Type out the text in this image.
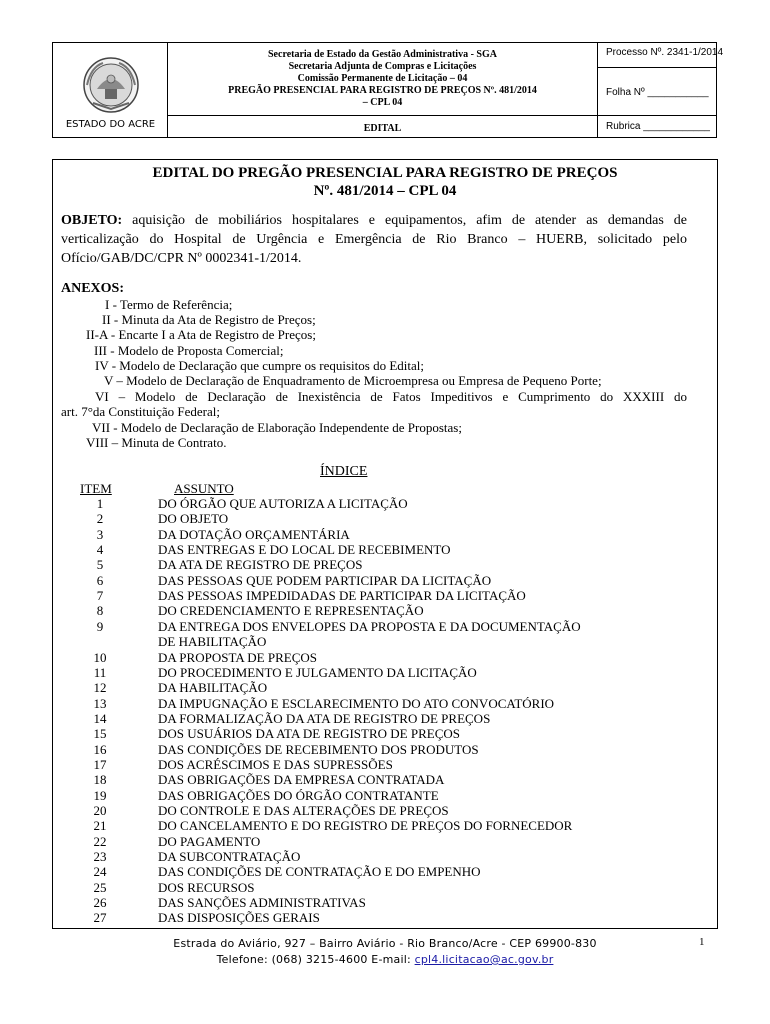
ESTADO DO ACRE
Secretaria de Estado da Gestão Administrativa - SGA
Secretaria Adjunta de Compras e Licitações
Comissão Permanente de Licitação – 04
PREGÃO PRESENCIAL PARA REGISTRO DE PREÇOS Nº. 481/2014
– CPL 04
EDITAL
Processo Nº. 2341-1/2014
Folha Nº ___________
Rubrica ____________
EDITAL DO PREGÃO PRESENCIAL PARA REGISTRO DE PREÇOS
Nº. 481/2014 – CPL 04
OBJETO: aquisição de mobiliários hospitalares e equipamentos, afim de atender as demandas de
verticalização do Hospital de Urgência e Emergência de Rio Branco – HUERB, solicitado pelo
Ofício/GAB/DC/CPR Nº 0002341-1/2014.
ANEXOS:
I - Termo de Referência;
II - Minuta da Ata de Registro de Preços;
II-A - Encarte I a Ata de Registro de Preços;
III - Modelo de Proposta Comercial;
IV - Modelo de Declaração que cumpre os requisitos do Edital;
V – Modelo de Declaração de Enquadramento de Microempresa ou Empresa de Pequeno Porte;
VI – Modelo de Declaração de Inexistência de Fatos Impeditivos e Cumprimento do XXXIII do
art. 7°da Constituição Federal;
VII - Modelo de Declaração de Elaboração Independente de Propostas;
VIII – Minuta de Contrato.
ÍNDICE
ITEM	ASSUNTO
1	DO ÓRGÃO QUE AUTORIZA A LICITAÇÃO
2	DO OBJETO
3	DA DOTAÇÃO ORÇAMENTÁRIA
4	DAS ENTREGAS E DO LOCAL DE RECEBIMENTO
5	DA ATA DE REGISTRO DE PREÇOS
6	DAS PESSOAS QUE PODEM PARTICIPAR DA LICITAÇÃO
7	DAS PESSOAS IMPEDIDADAS DE PARTICIPAR DA LICITAÇÃO
8	DO CREDENCIAMENTO E REPRESENTAÇÃO
9	DA ENTREGA DOS ENVELOPES DA PROPOSTA E DA DOCUMENTAÇÃO
DE HABILITAÇÃO
10	DA PROPOSTA DE PREÇOS
11	DO PROCEDIMENTO E JULGAMENTO DA LICITAÇÃO
12	DA HABILITAÇÃO
13	DA IMPUGNAÇÃO E ESCLARECIMENTO DO ATO CONVOCATÓRIO
14	DA FORMALIZAÇÃO DA ATA DE REGISTRO DE PREÇOS
15	DOS USUÁRIOS DA ATA DE REGISTRO DE PREÇOS
16	DAS CONDIÇÕES DE RECEBIMENTO DOS PRODUTOS
17	DOS ACRÉSCIMOS E DAS SUPRESSÕES
18	DAS OBRIGAÇÕES DA EMPRESA CONTRATADA
19	DAS OBRIGAÇÕES DO ÓRGÃO CONTRATANTE
20	DO CONTROLE E DAS ALTERAÇÕES DE PREÇOS
21	DO CANCELAMENTO E DO REGISTRO DE PREÇOS DO FORNECEDOR
22	DO PAGAMENTO
23	DA SUBCONTRATAÇÃO
24	DAS CONDIÇÕES DE CONTRATAÇÃO E DO EMPENHO
25	DOS RECURSOS
26	DAS SANÇÕES ADMINISTRATIVAS
27	DAS DISPOSIÇÕES GERAIS
1
Estrada do Aviário, 927 – Bairro Aviário - Rio Branco/Acre - CEP 69900-830
Telefone: (068) 3215-4600 E-mail: cpl4.licitacao@ac.gov.br
